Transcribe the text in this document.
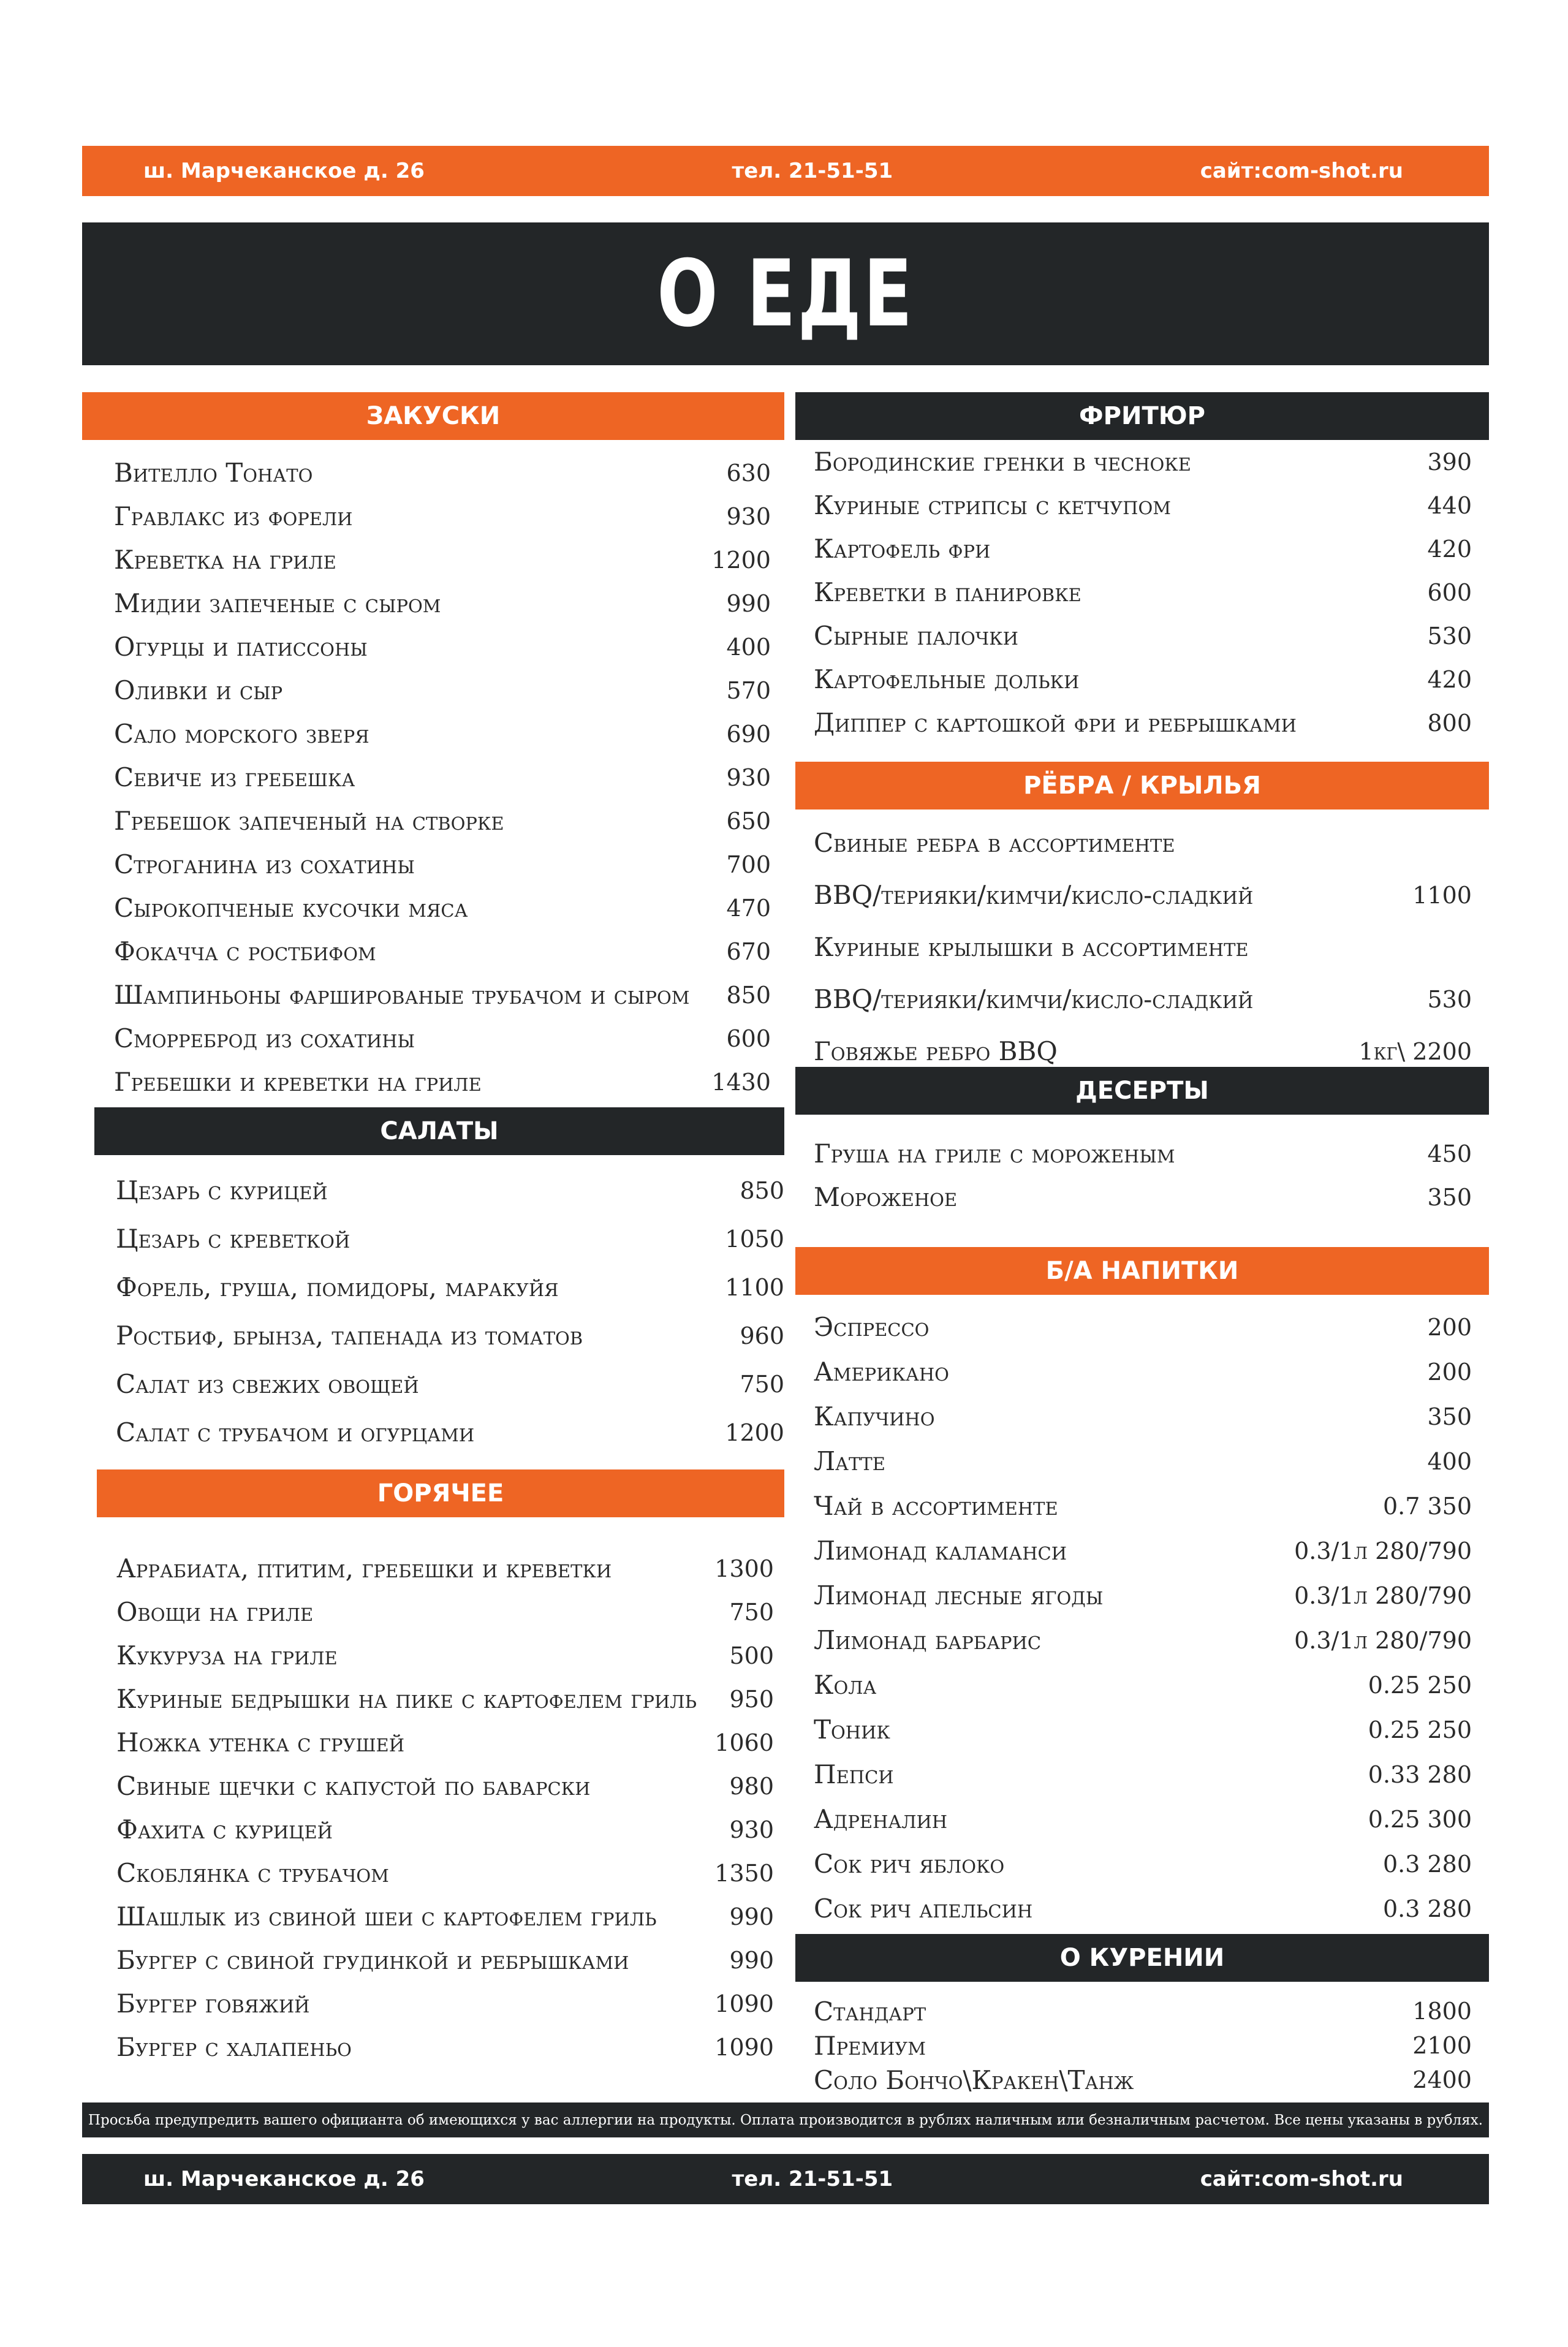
ш. Марчеканское д. 26	тел. 21-51-51	сайт:com-shot.ru
О ЕДЕ
ЗАКУСКИ
Вителло Тонато	630
Гравлакс из форели	930
Креветка на гриле	1200
Мидии запеченые с сыром	990
Огурцы и патиссоны	400
Оливки и сыр	570
Сало морского зверя	690
Севиче из гребешка	930
Гребешок запеченый на створке	650
Строганина из сохатины	700
Сырокопченые кусочки мяса	470
Фокачча с ростбифом	670
Шампиньоны фаршированые трубачом и сыром 850
Сморреброд из сохатины	600
Гребешки и креветки на гриле	1430
САЛАТЫ
Цезарь с курицей	850
Цезарь с креветкой	1050
Форель, груша, помидоры, маракуйя	1100
Ростбиф, брынза, тапенада из томатов	960
Салат из свежих овощей	750
Салат с трубачом и огурцами	1200
ГОРЯЧЕЕ
Аррабиата, птитим, гребешки и креветки	1300
Овощи на гриле	750
Кукуруза на гриле	500
Куриные бедрышки на пике с картофелем гриль 950
Ножка утенка с грушей	1060
Свиные щечки с капустой по баварски	980
Фахита с курицей	930
Скоблянка с трубачом	1350
Шашлык из свиной шеи с картофелем гриль	990
Бургер с свиной грудинкой и ребрышками	990
Бургер говяжий	1090
Бургер с халапеньо	1090
ФРИТЮР
Бородинские гренки в чесноке	390
Куриные стрипсы с кетчупом	440
Картофель фри	420
Креветки в панировке	600
Сырные палочки	530
Картофельные дольки	420
Диппер с картошкой фри и ребрышками	800
РЁБРА / КРЫЛЬЯ
Свиные ребра в ассортименте
BBQ/терияки/кимчи/кисло-сладкий	1100
Куриные крылышки в ассортименте
BBQ/терияки/кимчи/кисло-сладкий	530
Говяжье ребро BBQ	1кг\ 2200
ДЕСЕРТЫ
Груша на гриле с мороженым	450
Мороженое	350
Б/А НАПИТКИ
Эспрессо	200
Американо	200
Капучино	350
Латте	400
Чай в ассортименте	0.7 350
Лимонад каламанси	0.3/1л 280/790
Лимонад лесные ягоды	0.3/1л 280/790
Лимонад барбарис	0.3/1л 280/790
Кола	0.25 250
Тоник	0.25 250
Пепси	0.33 280
Адреналин	0.25 300
Сок рич яблоко	0.3 280
Сок рич апельсин	0.3 280
О КУРЕНИИ
Стандарт	1800
Премиум	2100
Соло Бончо\Кракен\Танж	2400
Просьба предупредить вашего официанта об имеющихся у вас аллергии на продукты. Оплата производится в рублях наличным или безналичным расчетом. Все цены указаны в рублях.
ш. Марчеканское д. 26	тел. 21-51-51	сайт:com-shot.ru
